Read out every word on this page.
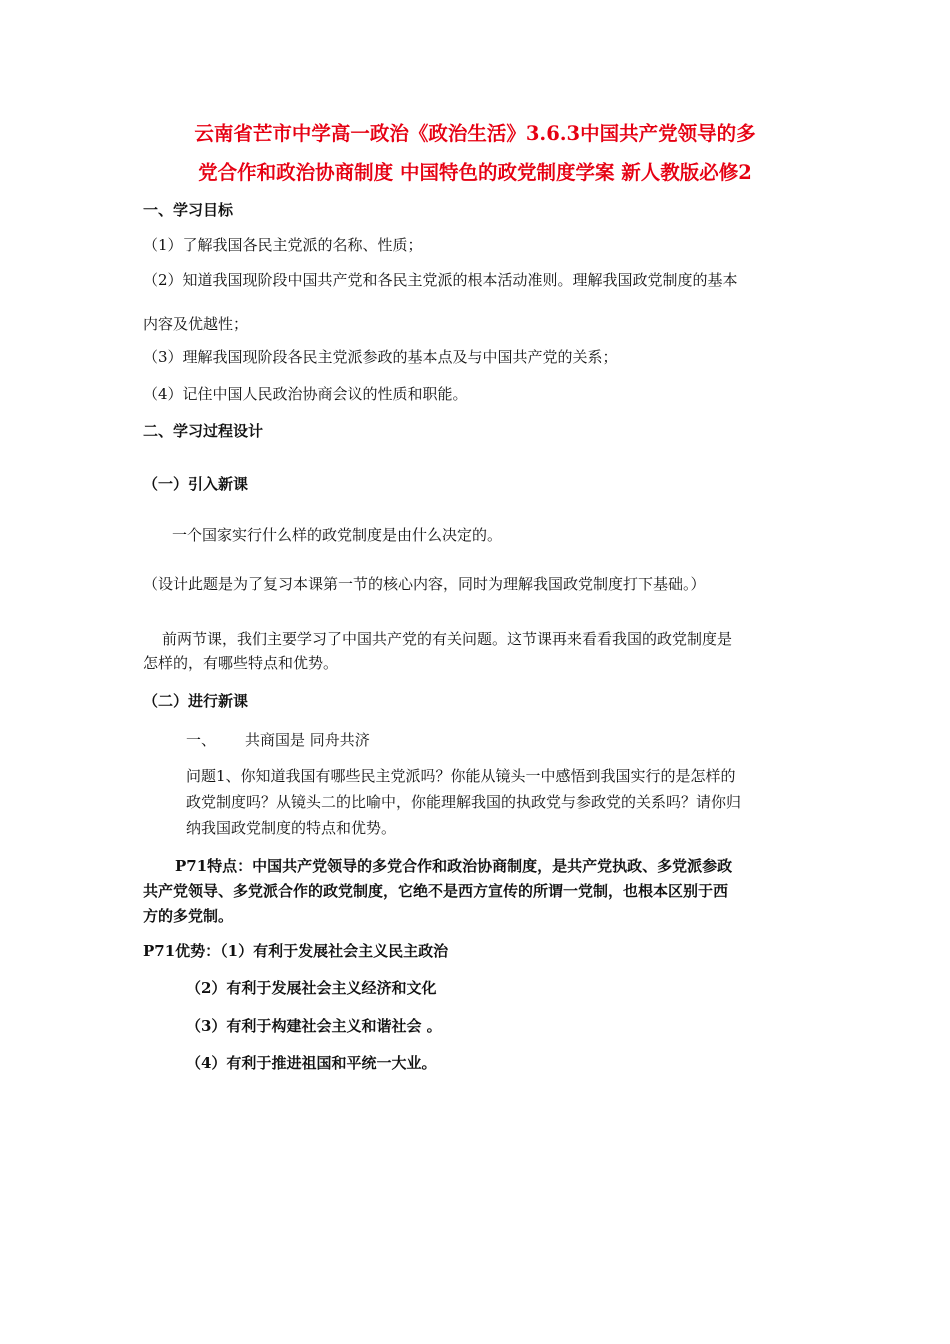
云南省芒市中学高一政治《政治生活》3.6.3中国共产党领导的多
党合作和政治协商制度 中国特色的政党制度学案 新人教版必修2
一、学习目标
（1）了解我国各民主党派的名称、性质；
（2）知道我国现阶段中国共产党和各民主党派的根本活动准则。理解我国政党制度的基本
内容及优越性；
（3）理解我国现阶段各民主党派参政的基本点及与中国共产党的关系；
（4）记住中国人民政治协商会议的性质和职能。
二、学习过程设计
（一）引入新课
一个国家实行什么样的政党制度是由什么决定的。
（设计此题是为了复习本课第一节的核心内容，同时为理解我国政党制度打下基础。）
前两节课，我们主要学习了中国共产党的有关问题。这节课再来看看我国的政党制度是
怎样的，有哪些特点和优势。
（二）进行新课
一、 共商国是 同舟共济
问题1、你知道我国有哪些民主党派吗？你能从镜头一中感悟到我国实行的是怎样的
政党制度吗？从镜头二的比喻中，你能理解我国的执政党与参政党的关系吗？请你归
纳我国政党制度的特点和优势。
P71特点：中国共产党领导的多党合作和政治协商制度，是共产党执政、多党派参政
共产党领导、多党派合作的政党制度，它绝不是西方宣传的所谓一党制，也根本区别于西
方的多党制。
P71优势：（1）有利于发展社会主义民主政治
（2）有利于发展社会主义经济和文化
（3）有利于构建社会主义和谐社会 。
（4）有利于推进祖国和平统一大业。
